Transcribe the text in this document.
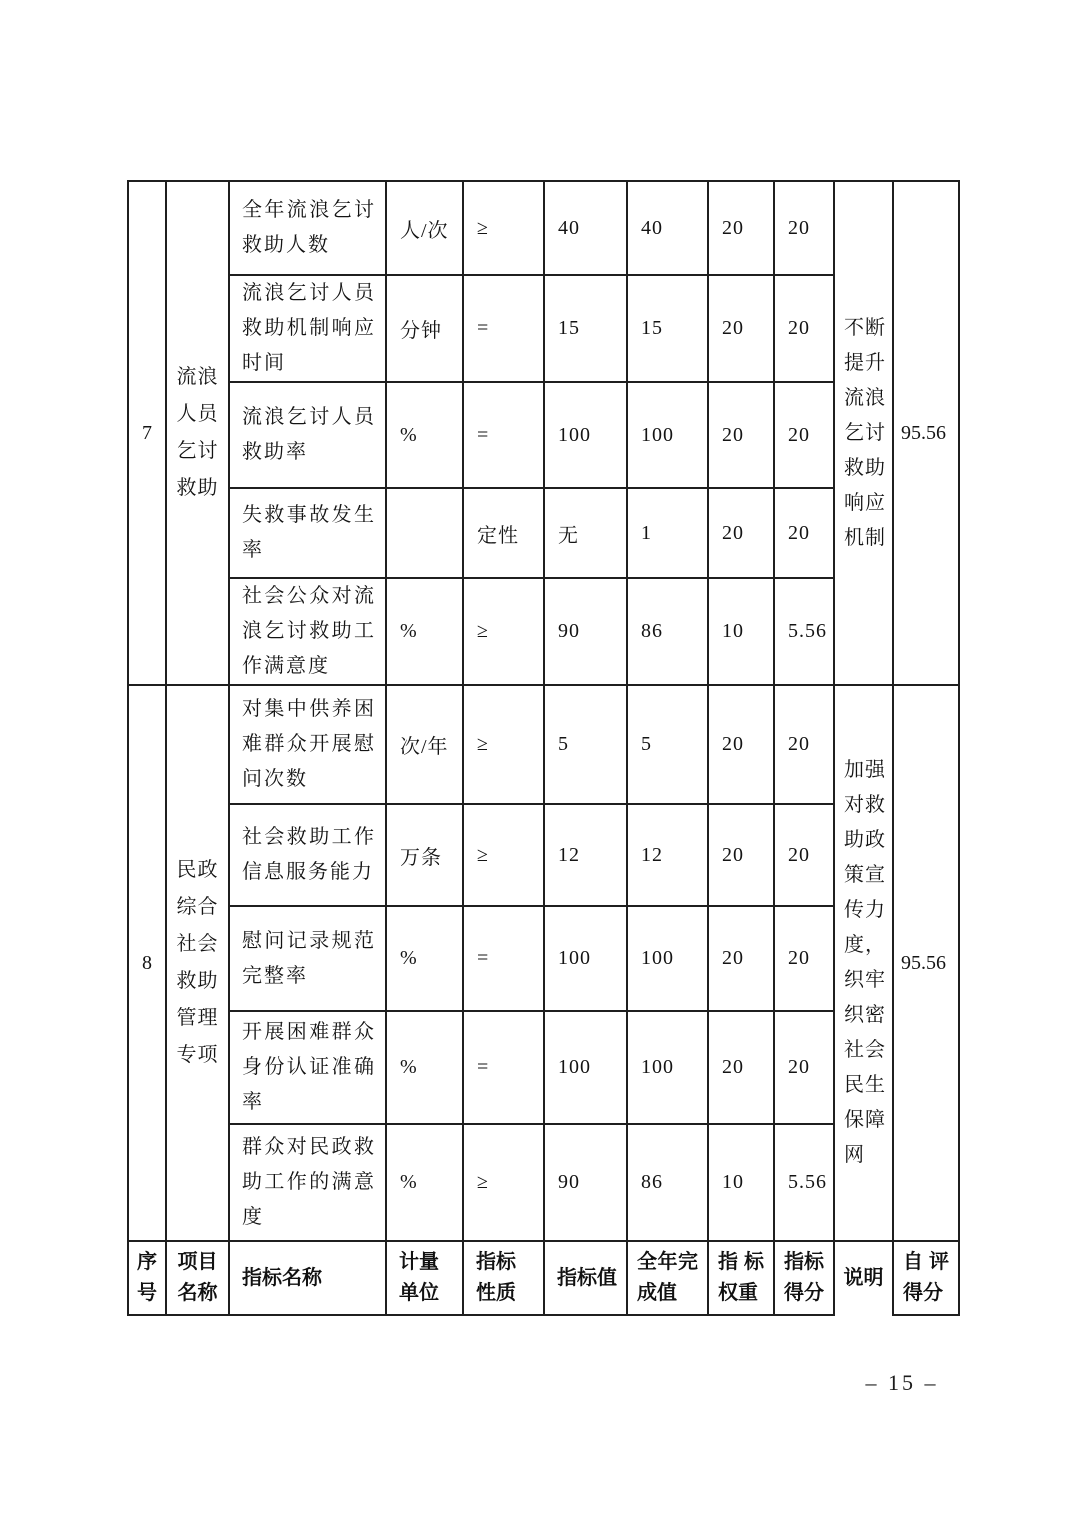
7	流浪人员乞讨救助	全年流浪乞讨救助人数	人/次	≥	40	40	20	20	不断提升流浪乞讨救助响应机制	95.56
		流浪乞讨人员救助机制响应时间	分钟	=	15	15	20	20		
		流浪乞讨人员救助率	%	=	100	100	20	20		
		失救事故发生率		定性	无	1	20	20		
		社会公众对流浪乞讨救助工作满意度	%	≥	90	86	10	5.56		
8	民政综合社会救助管理专项	对集中供养困难群众开展慰问次数	次/年	≥	5	5	20	20	加强对救助政策宣传力度，织牢织密社会民生保障网	95.56
		社会救助工作信息服务能力	万条	≥	12	12	20	20		
		慰问记录规范完整率	%	=	100	100	20	20		
		开展困难群众身份认证准确率	%	=	100	100	20	20		
		群众对民政救助工作的满意度	%	≥	90	86	10	5.56		
序号	项目名称	指标名称	计量单位	指标性质	指标值	全年完成值	指标权重	指标得分	说明	自评得分
– 15 –
